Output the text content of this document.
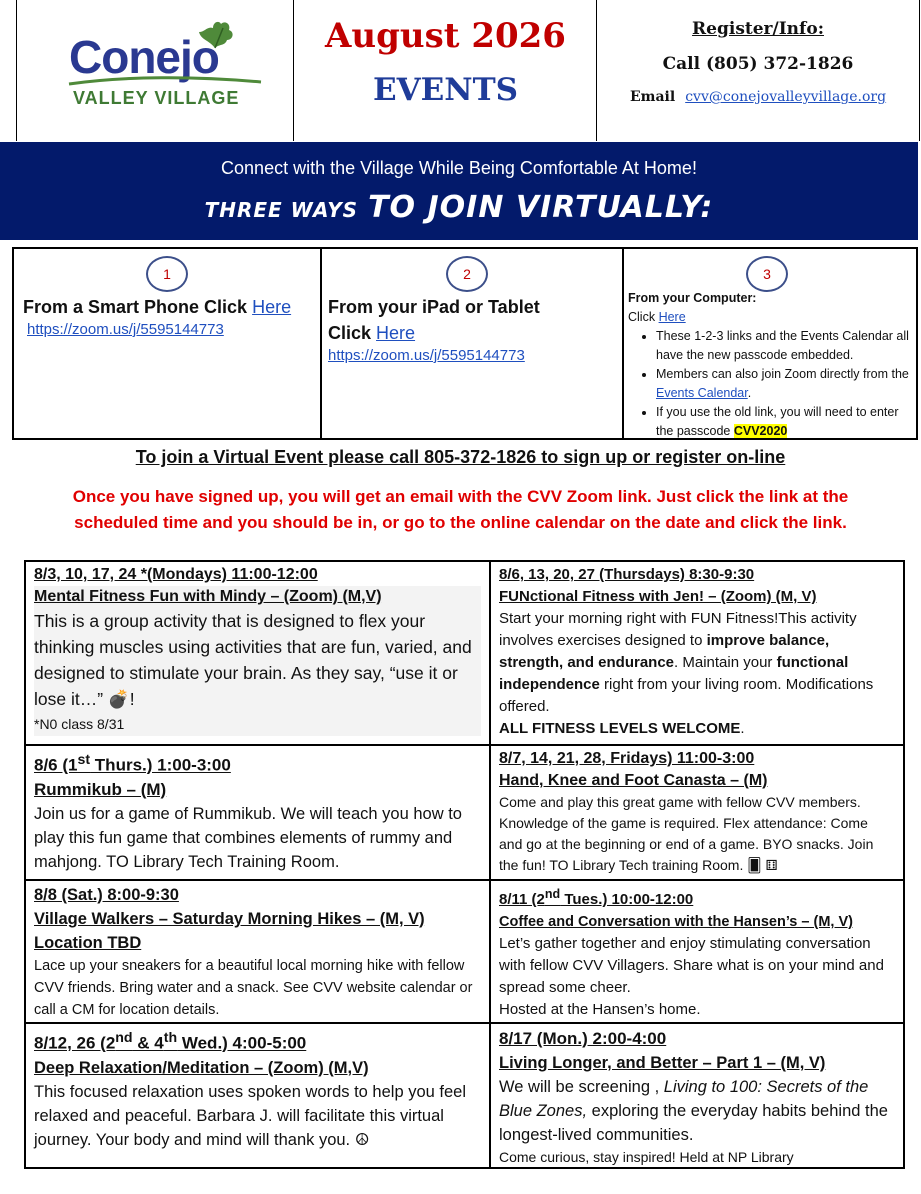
Conejo
VALLEY VILLAGE
August 2026
EVENTS
Register/Info:
Call (805) 372-1826
Email cvv@conejovalleyvillage.org
Connect with the Village While Being Comfortable At Home!
THREE WAYS TO JOIN VIRTUALLY:
1
From a Smart Phone Click Here
https://zoom.us/j/5595144773
2
From your iPad or Tablet
Click Here
https://zoom.us/j/5595144773
3
From your Computer:
Click Here
• These 1-2-3 links and the Events Calendar all have the new passcode embedded.
• Members can also join Zoom directly from the Events Calendar.
• If you use the old link, you will need to enter the passcode CVV2020
To join a Virtual Event please call 805-372-1826 to sign up or register on-line
Once you have signed up, you will get an email with the CVV Zoom link. Just click the link at the scheduled time and you should be in, or go to the online calendar on the date and click the link.
8/3, 10, 17, 24 *(Mondays) 11:00-12:00
Mental Fitness Fun with Mindy – (Zoom) (M,V)
This is a group activity that is designed to flex your thinking muscles using activities that are fun, varied, and designed to stimulate your brain. As they say, “use it or lose it…” 💣!
*N0 class 8/31
8/6, 13, 20, 27 (Thursdays) 8:30-9:30
FUNctional Fitness with Jen! – (Zoom) (M, V)
Start your morning right with FUN Fitness!This activity involves exercises designed to improve balance, strength, and endurance. Maintain your functional independence right from your living room. Modifications offered.
ALL FITNESS LEVELS WELCOME.
8/6 (1st Thurs.) 1:00-3:00
Rummikub – (M)
Join us for a game of Rummikub. We will teach you how to play this fun game that combines elements of rummy and mahjong. TO Library Tech Training Room.
8/7, 14, 21, 28, Fridays) 11:00-3:00
Hand, Knee and Foot Canasta – (M)
Come and play this great game with fellow CVV members. Knowledge of the game is required. Flex attendance: Come and go at the beginning or end of a game. BYO snacks. Join the fun! TO Library Tech training Room. 🂠 ⚅
8/8 (Sat.) 8:00-9:30
Village Walkers – Saturday Morning Hikes – (M, V)
Location TBD
Lace up your sneakers for a beautiful local morning hike with fellow CVV friends. Bring water and a snack. See CVV website calendar or call a CM for location details.
8/11 (2nd Tues.) 10:00-12:00
Coffee and Conversation with the Hansen’s – (M, V)
Let’s gather together and enjoy stimulating conversation with fellow CVV Villagers. Share what is on your mind and spread some cheer.
Hosted at the Hansen’s home.
8/12, 26 (2nd & 4th Wed.) 4:00-5:00
Deep Relaxation/Meditation – (Zoom) (M,V)
This focused relaxation uses spoken words to help you feel relaxed and peaceful. Barbara J. will facilitate this virtual journey. Your body and mind will thank you. ☮
8/17 (Mon.) 2:00-4:00
Living Longer, and Better – Part 1 – (M, V)
We will be screening , Living to 100: Secrets of the Blue Zones, exploring the everyday habits behind the longest-lived communities.
Come curious, stay inspired! Held at NP Library
